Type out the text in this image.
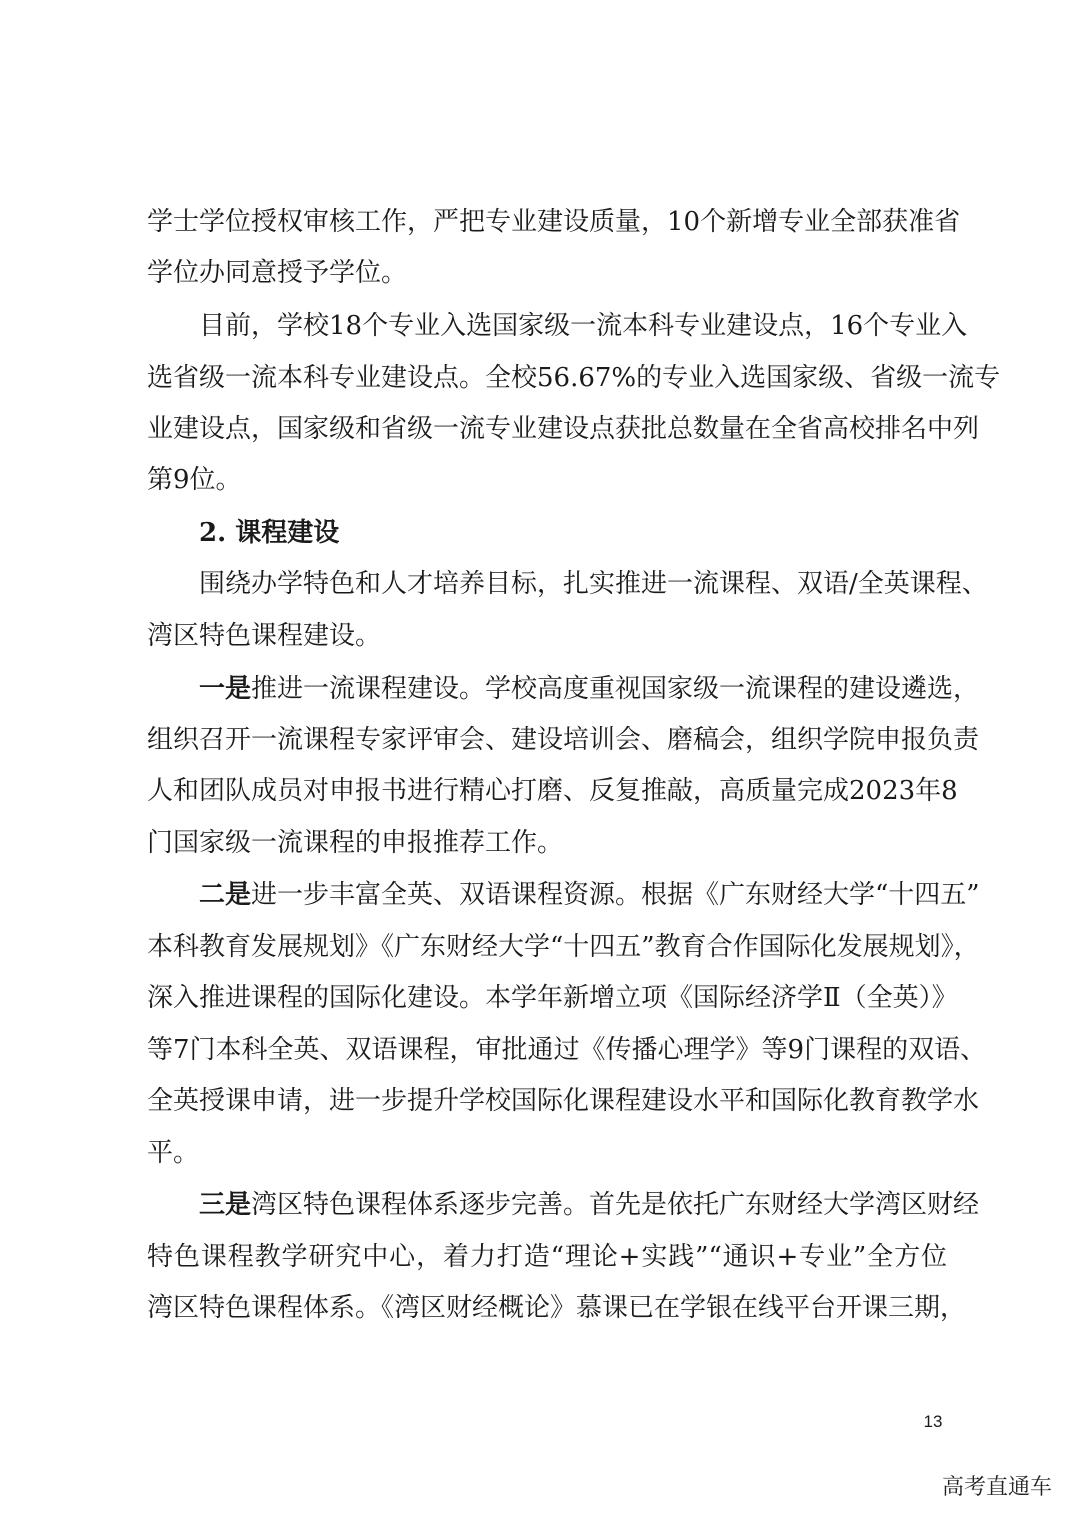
学士学位授权审核工作，严把专业建设质量，10个新增专业全部获准省
学位办同意授予学位。
目前，学校18个专业入选国家级一流本科专业建设点，16个专业入
选省级一流本科专业建设点。全校56.67%的专业入选国家级、省级一流专
业建设点，国家级和省级一流专业建设点获批总数量在全省高校排名中列
第9位。
2. 课程建设
围绕办学特色和人才培养目标，扎实推进一流课程、双语/全英课程、
湾区特色课程建设。
一是 推进一流课程建设。学校高度重视国家级一流课程的建设遴选，
组织召开一流课程专家评审会、建设培训会、磨稿会，组织学院申报负责
人和团队成员对申报书进行精心打磨、反复推敲，高质量完成2023年8
门国家级一流课程的申报推荐工作。
二是 进一步丰富全英、双语课程资源。根据《广东财经大学“十四五”
本科教育发展规划》《广东财经大学“十四五”教育合作国际化发展规划》，
深入推进课程的国际化建设。本学年新增立项《国际经济学Ⅱ（全英）》
等7门本科全英、双语课程，审批通过《传播心理学》等9门课程的双语、
全英授课申请，进一步提升学校国际化课程建设水平和国际化教育教学水
平。
三是 湾区特色课程体系逐步完善。首先是依托广东财经大学湾区财经
特色课程教学研究中心，着力打造“理论+实践”“通识+专业”全方位
湾区特色课程体系。《湾区财经概论》慕课已在学银在线平台开课三期，
13
高考直通车
